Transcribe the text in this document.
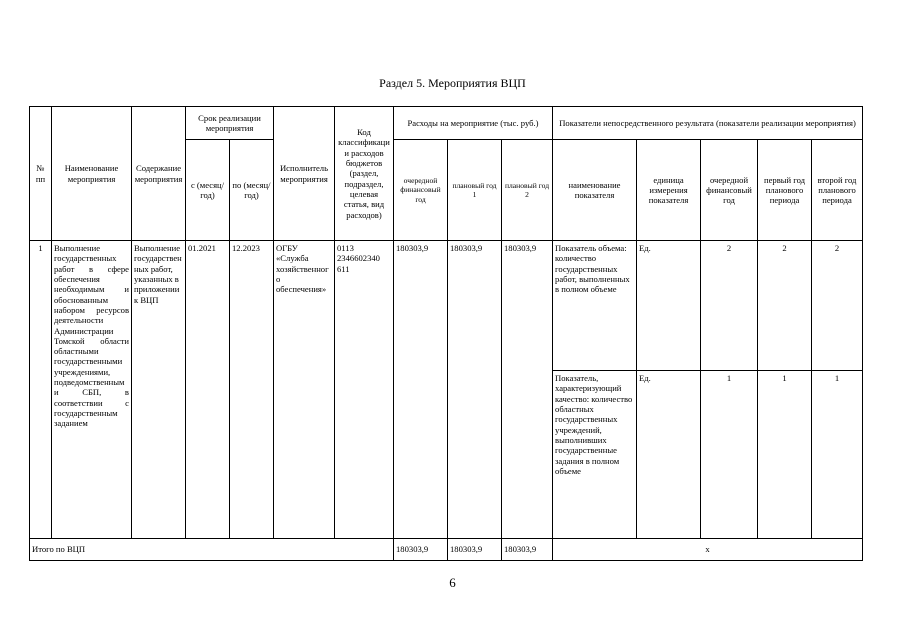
Раздел 5. Мероприятия ВЦП
№ пп	Наименование мероприятия	Содержание мероприятия	Срок реализации мероприятия		Исполнитель мероприятия	Код классификации расходов бюджетов (раздел, подраздел, целевая статья, вид расходов)	Расходы на мероприятие (тыс. руб.)			Показатели непосредственного результата (показатели реализации мероприятия)				
			с (месяц/год)	по (месяц/год)			очередной финансовый год	плановый год 1	плановый год 2	наименование показателя	единица измерения показателя	очередной финансовый год	первый год планового периода	второй год планового периода
1	Выполнение государственных работ в сфере обеспечения необходимым и обоснованным набором ресурсов деятельности Администрации Томской области областными государственными учреждениями, подведомственными СБП, в соответствии с государственным заданием	Выполнение государственных работ, указанных в приложении к ВЦП	01.2021	12.2023	ОГБУ «Служба хозяйственного обеспечения»	0113 2346602340 611	180303,9	180303,9	180303,9	Показатель объема: количество государственных работ, выполненных в полном объеме	Ед.	2	2	2
										Показатель, характеризующий качество: количество областных государственных учреждений, выполнивших государственные задания в полном объеме	Ед.	1	1	1
Итого по ВЦП							180303,9	180303,9	180303,9	х				
6
